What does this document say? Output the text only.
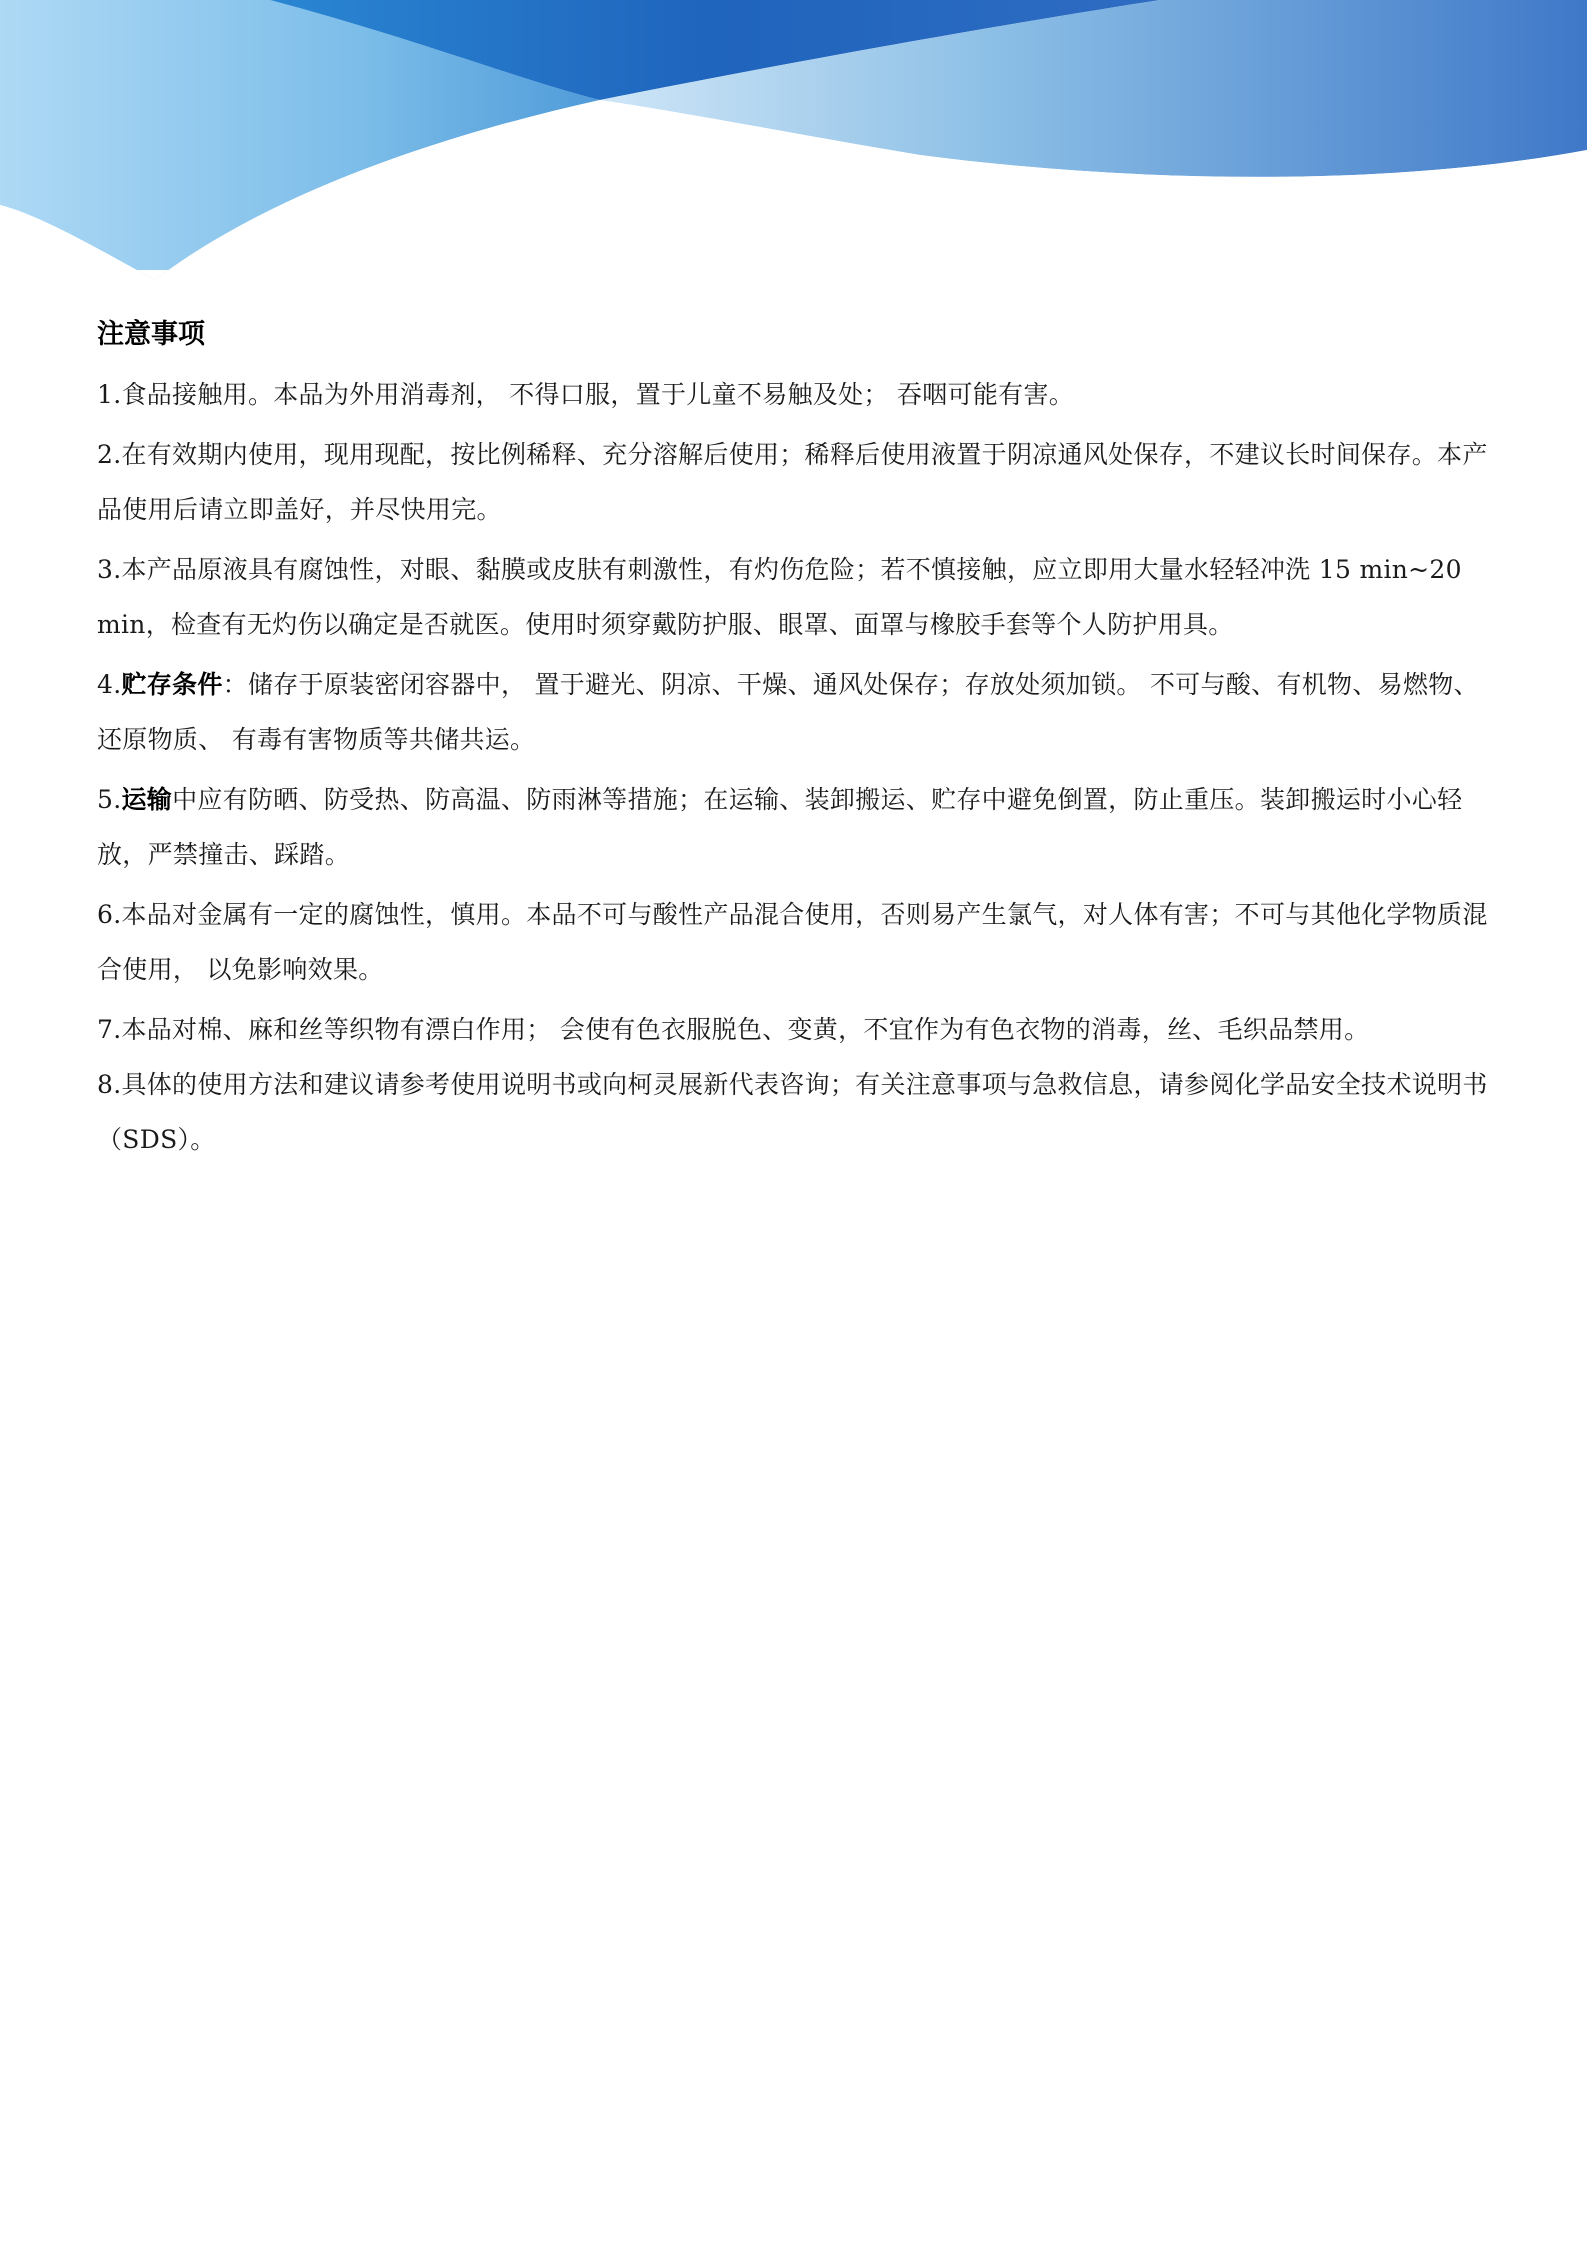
注意事项

1.食品接触用。本品为外用消毒剂， 不得口服，置于儿童不易触及处； 吞咽可能有害。

2.在有效期内使用，现用现配，按比例稀释、充分溶解后使用；稀释后使用液置于阴凉通风处保存，不建议长时间保存。本产品使用后请立即盖好，并尽快用完。

3.本产品原液具有腐蚀性，对眼、黏膜或皮肤有刺激性，有灼伤危险；若不慎接触，应立即用大量水轻轻冲洗 15 min~20 min，检查有无灼伤以确定是否就医。使用时须穿戴防护服、眼罩、面罩与橡胶手套等个人防护用具。

4.贮存条件：储存于原装密闭容器中， 置于避光、阴凉、干燥、通风处保存；存放处须加锁。 不可与酸、有机物、易燃物、还原物质、 有毒有害物质等共储共运。

5.运输中应有防晒、防受热、防高温、防雨淋等措施；在运输、装卸搬运、贮存中避免倒置，防止重压。装卸搬运时小心轻放，严禁撞击、踩踏。

6.本品对金属有一定的腐蚀性，慎用。本品不可与酸性产品混合使用，否则易产生氯气，对人体有害；不可与其他化学物质混合使用， 以免影响效果。

7.本品对棉、麻和丝等织物有漂白作用； 会使有色衣服脱色、变黄，不宜作为有色衣物的消毒，丝、毛织品禁用。

8.具体的使用方法和建议请参考使用说明书或向柯灵展新代表咨询；有关注意事项与急救信息，请参阅化学品安全技术说明书（SDS）。
